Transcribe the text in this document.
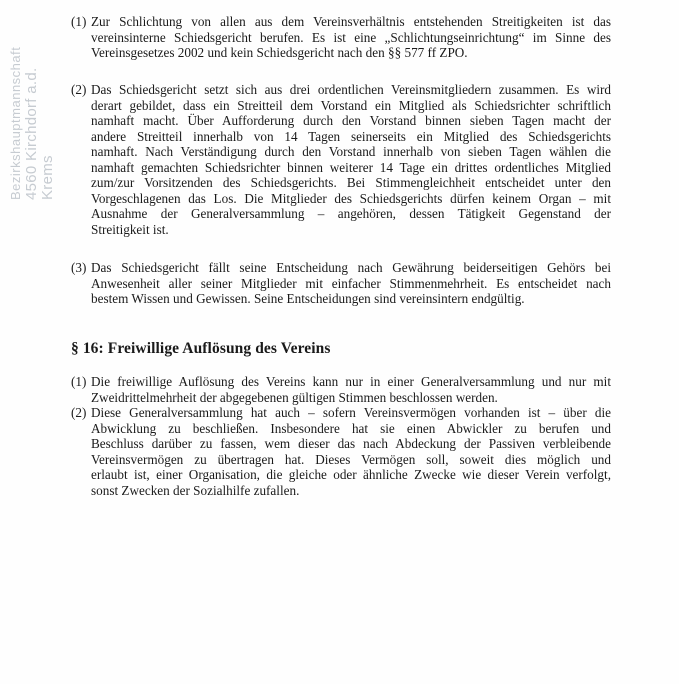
Bezirkshauptmannschaft 4560 Kirchdorf a.d. Krems
(1) Zur Schlichtung von allen aus dem Vereinsverhältnis entstehenden Streitigkeiten ist das
vereinsinterne Schiedsgericht berufen. Es ist eine „Schlichtungseinrichtung“ im Sinne des
Vereinsgesetzes 2002 und kein Schiedsgericht nach den §§ 577 ff ZPO.
(2) Das Schiedsgericht setzt sich aus drei ordentlichen Vereinsmitgliedern zusammen. Es wird
derart gebildet, dass ein Streitteil dem Vorstand ein Mitglied als Schiedsrichter schriftlich
namhaft macht. Über Aufforderung durch den Vorstand binnen sieben Tagen macht der
andere Streitteil innerhalb von 14 Tagen seinerseits ein Mitglied des Schiedsgerichts
namhaft. Nach Verständigung durch den Vorstand innerhalb von sieben Tagen wählen die
namhaft gemachten Schiedsrichter binnen weiterer 14 Tage ein drittes ordentliches Mitglied
zum/zur Vorsitzenden des Schiedsgerichts. Bei Stimmengleichheit entscheidet unter den
Vorgeschlagenen das Los. Die Mitglieder des Schiedsgerichts dürfen keinem Organ – mit
Ausnahme der Generalversammlung – angehören, dessen Tätigkeit Gegenstand der
Streitigkeit ist.
(3) Das Schiedsgericht fällt seine Entscheidung nach Gewährung beiderseitigen Gehörs bei
Anwesenheit aller seiner Mitglieder mit einfacher Stimmenmehrheit. Es entscheidet nach
bestem Wissen und Gewissen. Seine Entscheidungen sind vereinsintern endgültig.
§ 16: Freiwillige Auflösung des Vereins
(1) Die freiwillige Auflösung des Vereins kann nur in einer Generalversammlung und nur mit
Zweidrittelmehrheit der abgegebenen gültigen Stimmen beschlossen werden.
(2) Diese Generalversammlung hat auch – sofern Vereinsvermögen vorhanden ist – über die
Abwicklung zu beschließen. Insbesondere hat sie einen Abwickler zu berufen und
Beschluss darüber zu fassen, wem dieser das nach Abdeckung der Passiven verbleibende
Vereinsvermögen zu übertragen hat. Dieses Vermögen soll, soweit dies möglich und
erlaubt ist, einer Organisation, die gleiche oder ähnliche Zwecke wie dieser Verein verfolgt,
sonst Zwecken der Sozialhilfe zufallen.
